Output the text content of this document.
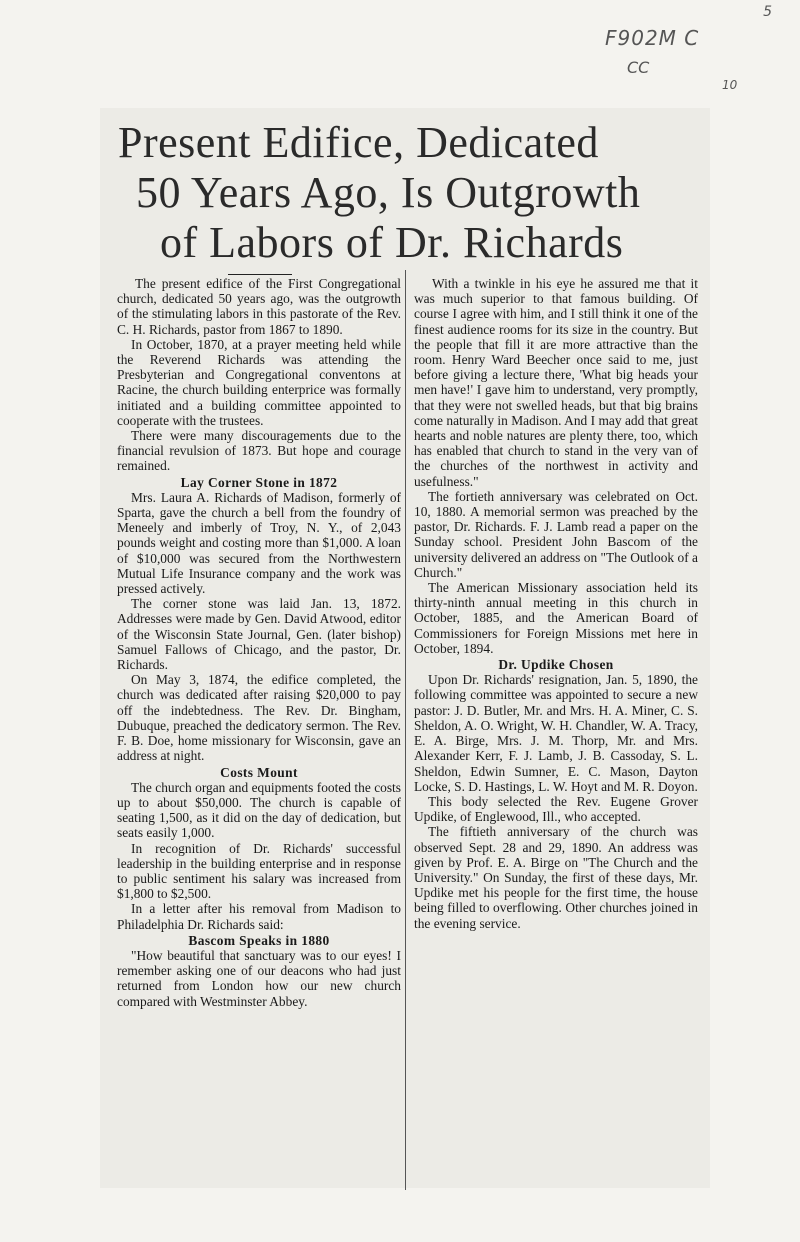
5
F902M C
CC
10
Present Edifice, Dedicated
50 Years Ago, Is Outgrowth
of Labors of Dr. Richards

The present edifice of the First Congregational church, dedicated 50 years ago, was the outgrowth of the stimulating labors in this pastorate of the Rev. C. H. Richards, pastor from 1867 to 1890.

In October, 1870, at a prayer meeting held while the Reverend Richards was attending the Presbyterian and Congregational conventons at Racine, the church building enterprice was formally initiated and a building committee appointed to cooperate with the trustees.

There were many discouragements due to the financial revulsion of 1873. But hope and courage remained.

Lay Corner Stone in 1872

Mrs. Laura A. Richards of Madison, formerly of Sparta, gave the church a bell from the foundry of Meneely and imberly of Troy, N. Y., of 2,043 pounds weight and costing more than $1,000. A loan of $10,000 was secured from the Northwestern Mutual Life Insurance company and the work was pressed actively.

The corner stone was laid Jan. 13, 1872. Addresses were made by Gen. David Atwood, editor of the Wisconsin State Journal, Gen. (later bishop) Samuel Fallows of Chicago, and the pastor, Dr. Richards.

On May 3, 1874, the edifice completed, the church was dedicated after raising $20,000 to pay off the indebtedness. The Rev. Dr. Bingham, Dubuque, preached the dedicatory sermon. The Rev. F. B. Doe, home missionary for Wisconsin, gave an address at night.

Costs Mount

The church organ and equipments footed the costs up to about $50,000. The church is capable of seating 1,500, as it did on the day of dedication, but seats easily 1,000.

In recognition of Dr. Richards' successful leadership in the building enterprise and in response to public sentiment his salary was increased from $1,800 to $2,500.

In a letter after his removal from Madison to Philadelphia Dr. Richards said:

Bascom Speaks in 1880

"How beautiful that sanctuary was to our eyes! I remember asking one of our deacons who had just returned from London how our new church compared with Westminster Abbey.

With a twinkle in his eye he assured me that it was much superior to that famous building. Of course I agree with him, and I still think it one of the finest audience rooms for its size in the country. But the people that fill it are more attractive than the room. Henry Ward Beecher once said to me, just before giving a lecture there, 'What big heads your men have!' I gave him to understand, very promptly, that they were not swelled heads, but that big brains come naturally in Madison. And I may add that great hearts and noble natures are plenty there, too, which has enabled that church to stand in the very van of the churches of the northwest in activity and usefulness."

The fortieth anniversary was celebrated on Oct. 10, 1880. A memorial sermon was preached by the pastor, Dr. Richards. F. J. Lamb read a paper on the Sunday school. President John Bascom of the university delivered an address on "The Outlook of a Church."

The American Missionary association held its thirty-ninth annual meeting in this church in October, 1885, and the American Board of Commissioners for Foreign Missions met here in October, 1894.

Dr. Updike Chosen

Upon Dr. Richards' resignation, Jan. 5, 1890, the following committee was appointed to secure a new pastor: J. D. Butler, Mr. and Mrs. H. A. Miner, C. S. Sheldon, A. O. Wright, W. H. Chandler, W. A. Tracy, E. A. Birge, Mrs. J. M. Thorp, Mr. and Mrs. Alexander Kerr, F. J. Lamb, J. B. Cassoday, S. L. Sheldon, Edwin Sumner, E. C. Mason, Dayton Locke, S. D. Hastings, L. W. Hoyt and M. R. Doyon.

This body selected the Rev. Eugene Grover Updike, of Englewood, Ill., who accepted.

The fiftieth anniversary of the church was observed Sept. 28 and 29, 1890. An address was given by Prof. E. A. Birge on "The Church and the University." On Sunday, the first of these days, Mr. Updike met his people for the first time, the house being filled to overflowing. Other churches joined in the evening service.
